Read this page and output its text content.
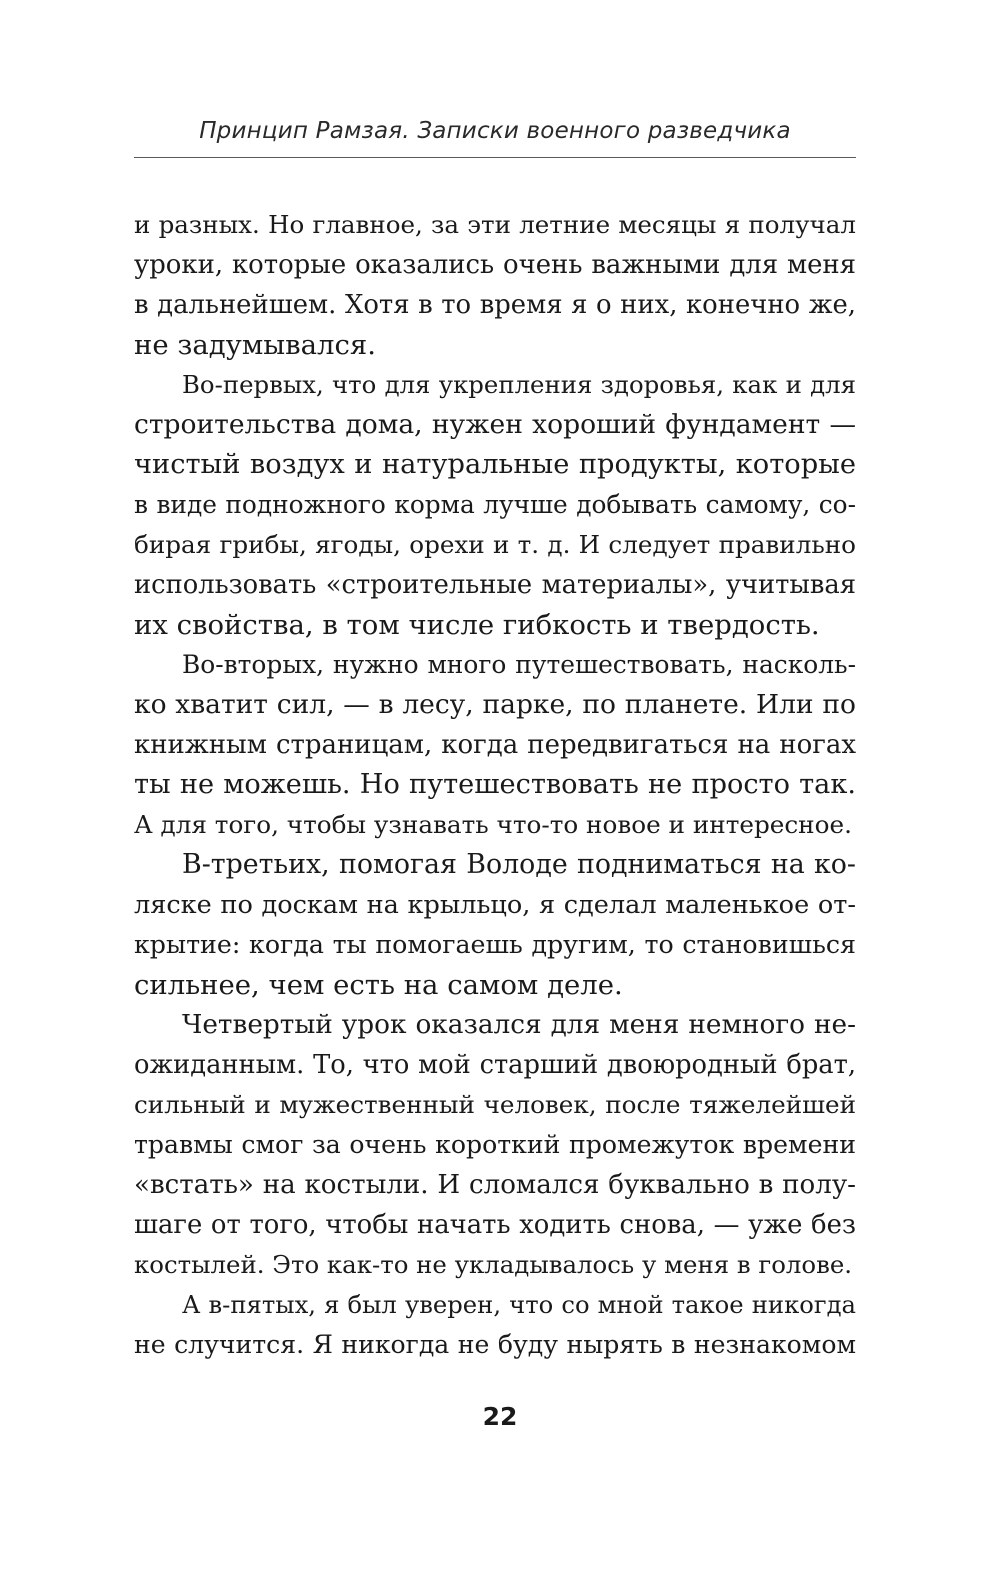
Принцип Рамзая. Записки военного разведчика
и разных. Но главное, за эти летние месяцы я получал
уроки, которые оказались очень важными для меня
в дальнейшем. Хотя в то время я о них, конечно же,
не задумывался.
Во-первых, что для укрепления здоровья, как и для
строительства дома, нужен хороший фундамент —
чистый воздух и натуральные продукты, которые
в виде подножного корма лучше добывать самому, со-
бирая грибы, ягоды, орехи и т. д. И следует правильно
использовать «строительные материалы», учитывая
их свойства, в том числе гибкость и твердость.
Во-вторых, нужно много путешествовать, насколь-
ко хватит сил, — в лесу, парке, по планете. Или по
книжным страницам, когда передвигаться на ногах
ты не можешь. Но путешествовать не просто так.
А для того, чтобы узнавать что-то новое и интересное.
В-третьих, помогая Володе подниматься на ко-
ляске по доскам на крыльцо, я сделал маленькое от-
крытие: когда ты помогаешь другим, то становишься
сильнее, чем есть на самом деле.
Четвертый урок оказался для меня немного не-
ожиданным. То, что мой старший двоюродный брат,
сильный и мужественный человек, после тяжелейшей
травмы смог за очень короткий промежуток времени
«встать» на костыли. И сломался буквально в полу-
шаге от того, чтобы начать ходить снова, — уже без
костылей. Это как-то не укладывалось у меня в голове.
А в-пятых, я был уверен, что со мной такое никогда
не случится. Я никогда не буду нырять в незнакомом
22
